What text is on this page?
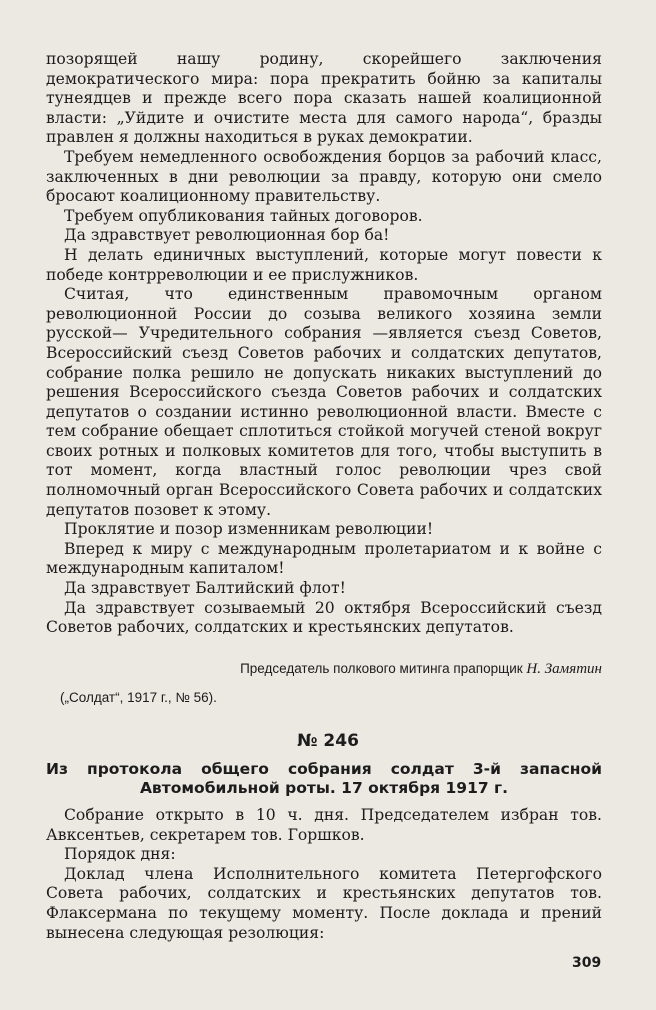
позорящей нашу родину, скорейшего заключения демократического мира: пора прекратить бойню за капиталы тунеядцев и прежде всего пора сказать нашей коалиционной власти: „Уйдите и очистите места для самого народа“, бразды правлен я должны находиться в руках демократии.

Требуем немедленного освобождения борцов за рабочий класс, заключенных в дни революции за правду, которую они смело бросают коалиционному правительству.

Требуем опубликования тайных договоров.

Да здравствует революционная бор ба!

Н делать единичных выступлений, которые могут повести к победе контрреволюции и ее прислужников.

Считая, что единственным правомочным органом революционной России до созыва великого хозяина земли русской— Учредительного собрания —является съезд Советов, Всероссийский съезд Советов рабочих и солдатских депутатов, собрание полка решило не допускать никаких выступлений до решения Всероссийского съезда Советов рабочих и солдатских депутатов о создании истинно революционной власти. Вместе с тем собрание обещает сплотиться стойкой могучей стеной вокруг своих ротных и полковых комитетов для того, чтобы выступить в тот момент, когда властный голос революции чрез свой полномочный орган Всероссийского Совета рабочих и солдатских депутатов позовет к этому.

Проклятие и позор изменникам революции!

Вперед к миру с международным пролетариатом и к войне с международным капиталом!

Да здравствует Балтийский флот!

Да здравствует созываемый 20 октября Всероссийский съезд Советов рабочих, солдатских и крестьянских депутатов.

Председатель полкового митинга прапорщик Н. Замятин
(„Солдат“, 1917 г., № 56).
№ 246
Из протокола общего собрания солдат 3-й запасной
Автомобильной роты. 17 октября 1917 г.

Собрание открыто в 10 ч. дня. Председателем избран тов. Авксентьев, секретарем тов. Горшков.

Порядок дня:

Доклад члена Исполнительного комитета Петергофского Совета рабочих, солдатских и крестьянских депутатов тов. Флаксермана по текущему моменту. После доклада и прений вынесена следующая резолюция:

309
